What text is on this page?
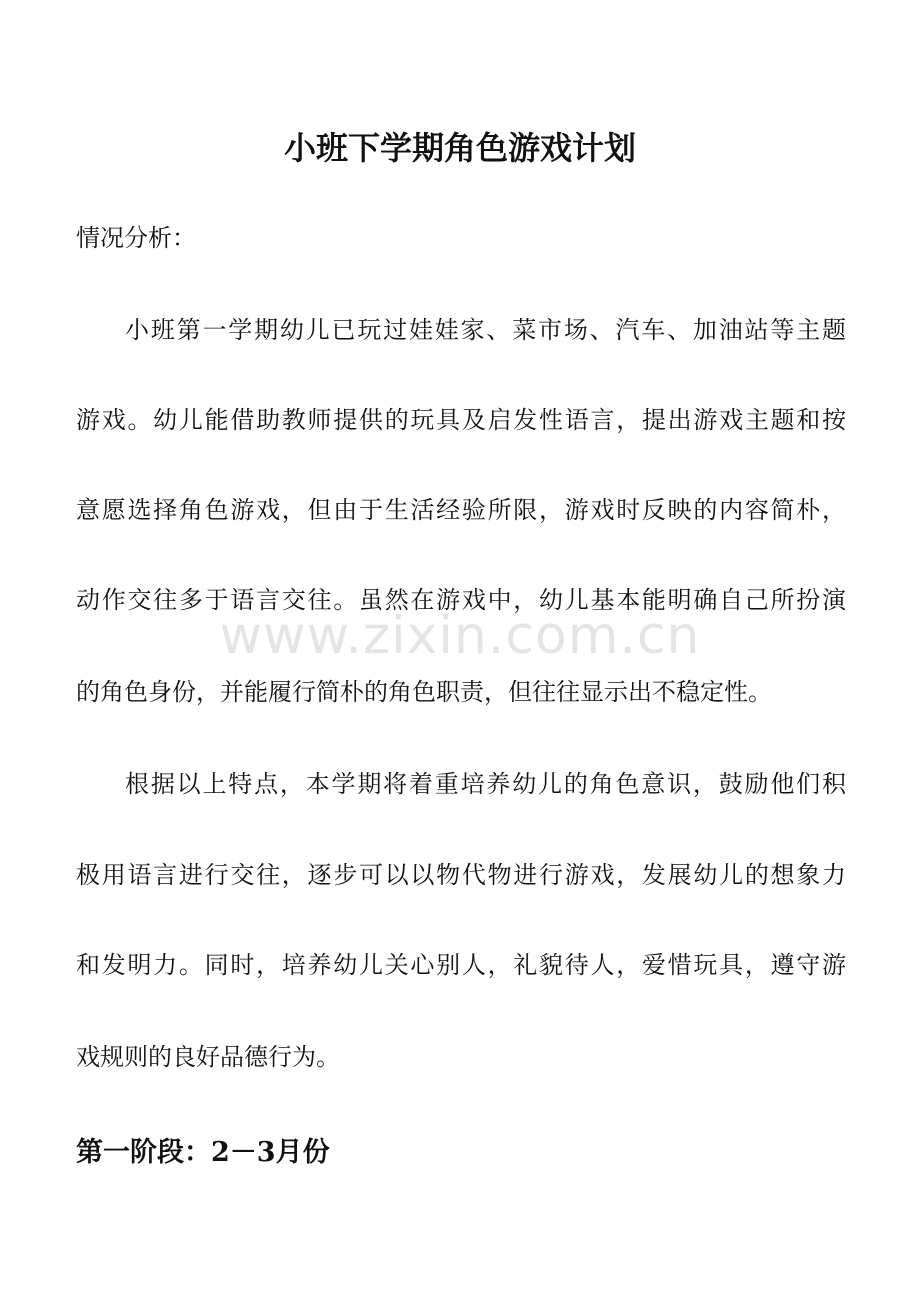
小班下学期角色游戏计划

情况分析：

小班第一学期幼儿已玩过娃娃家、菜市场、汽车、加油站等主题

游戏。幼儿能借助教师提供的玩具及启发性语言，提出游戏主题和按

意愿选择角色游戏，但由于生活经验所限，游戏时反映的内容简朴，

动作交往多于语言交往。虽然在游戏中，幼儿基本能明确自己所扮演

的角色身份，并能履行简朴的角色职责，但往往显示出不稳定性。

根据以上特点，本学期将着重培养幼儿的角色意识，鼓励他们积

极用语言进行交往，逐步可以以物代物进行游戏，发展幼儿的想象力

和发明力。同时，培养幼儿关心别人，礼貌待人，爱惜玩具，遵守游

戏规则的良好品德行为。

第一阶段：2－3月份
www.zixin.com.cn
